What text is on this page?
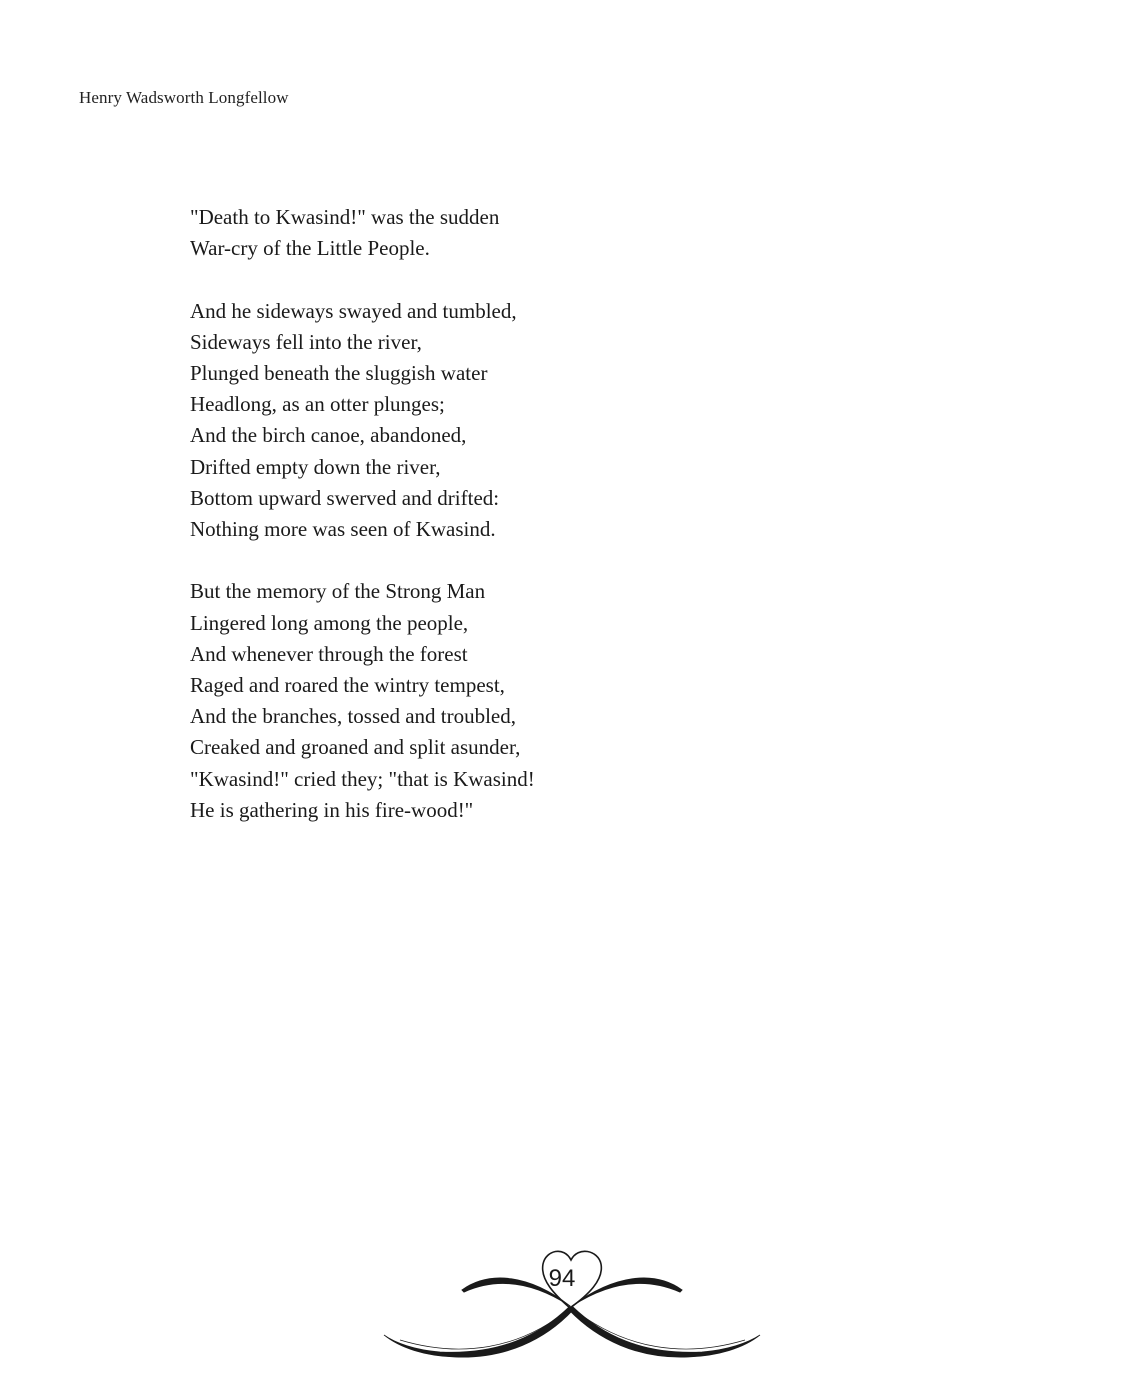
Henry Wadsworth Longfellow
"Death to Kwasind!" was the sudden
War-cry of the Little People.
And he sideways swayed and tumbled,
Sideways fell into the river,
Plunged beneath the sluggish water
Headlong, as an otter plunges;
And the birch canoe, abandoned,
Drifted empty down the river,
Bottom upward swerved and drifted:
Nothing more was seen of Kwasind.
But the memory of the Strong Man
Lingered long among the people,
And whenever through the forest
Raged and roared the wintry tempest,
And the branches, tossed and troubled,
Creaked and groaned and split asunder,
"Kwasind!" cried they; "that is Kwasind!
He is gathering in his fire-wood!"
94
